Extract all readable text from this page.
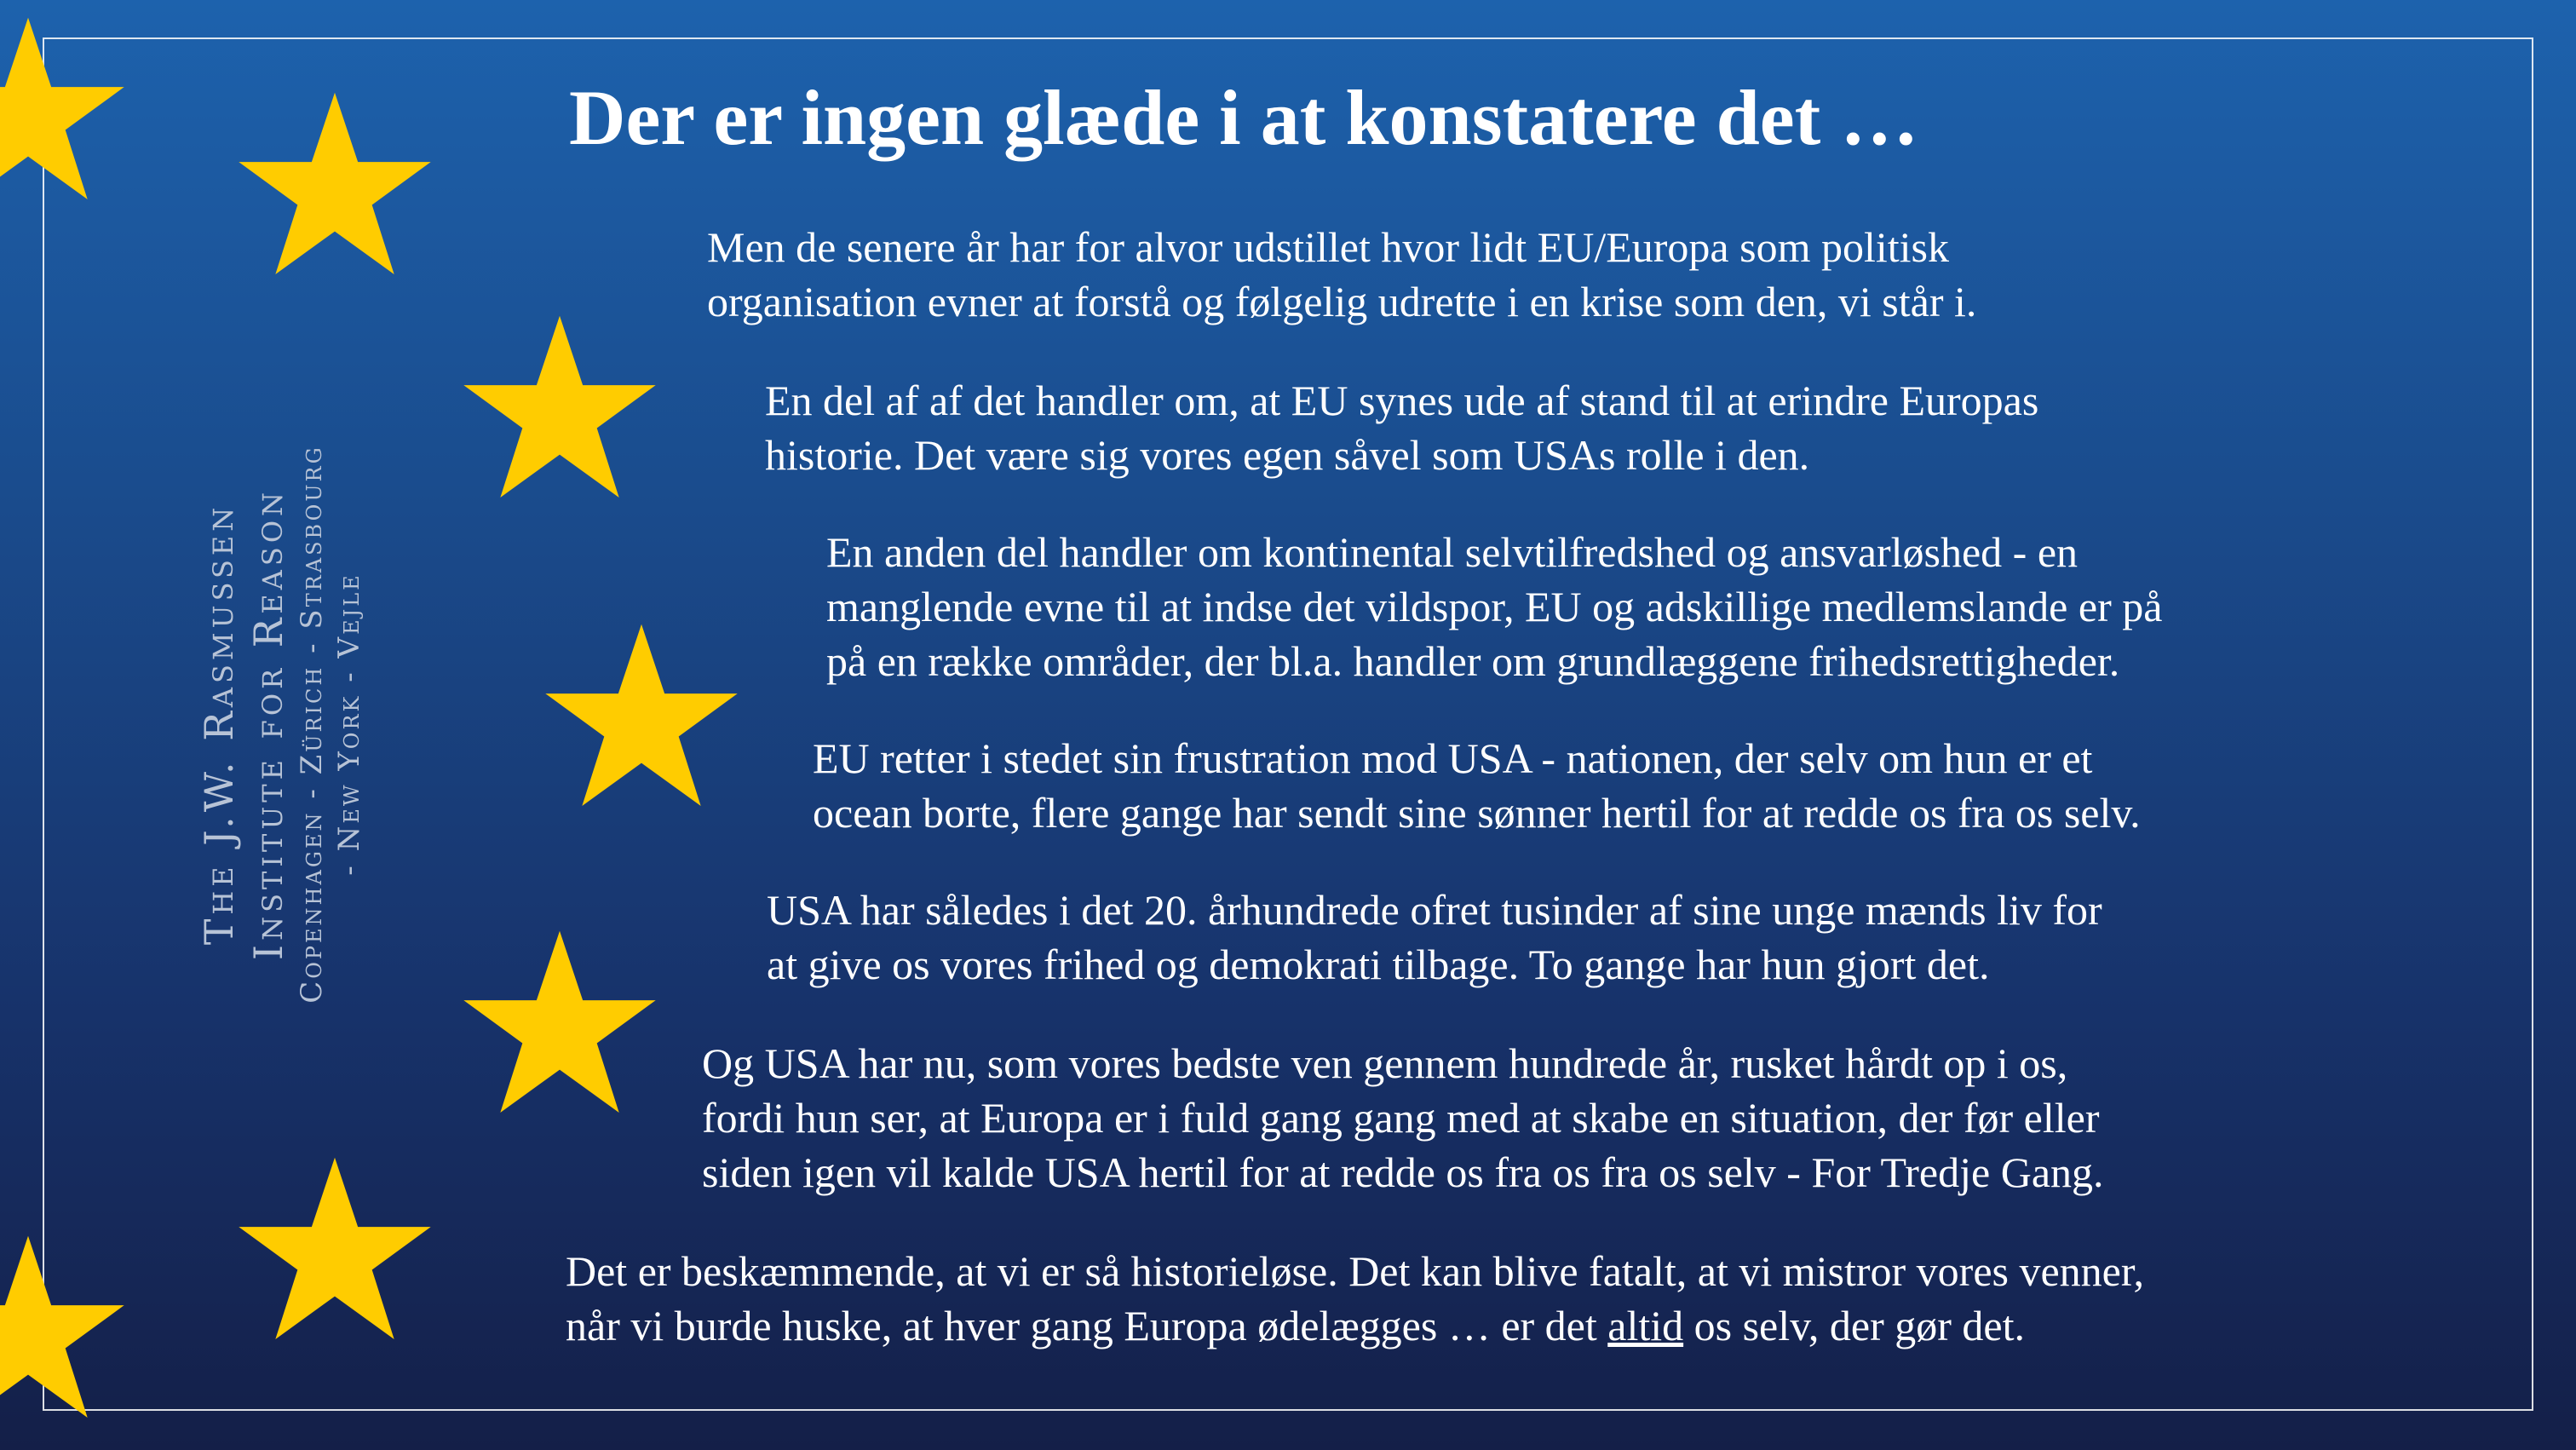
The J.W. Rasmussen Institute for Reason Copenhagen - Zürich - Strasbourg - New York - Vejle
Der er ingen glæde i at konstatere det …
Men de senere år har for alvor udstillet hvor lidt EU/Europa som politisk
organisation evner at forstå og følgelig udrette i en krise som den, vi står i.
En del af af det handler om, at EU synes ude af stand til at erindre Europas
historie. Det være sig vores egen såvel som USAs rolle i den.
En anden del handler om kontinental selvtilfredshed og ansvarløshed - en
manglende evne til at indse det vildspor, EU og adskillige medlemslande er på
på en række områder, der bl.a. handler om grundlæggene frihedsrettigheder.
EU retter i stedet sin frustration mod USA - nationen, der selv om hun er et
ocean borte, flere gange har sendt sine sønner hertil for at redde os fra os selv.
USA har således i det 20. århundrede ofret tusinder af sine unge mænds liv for
at give os vores frihed og demokrati tilbage. To gange har hun gjort det.
Og USA har nu, som vores bedste ven gennem hundrede år, rusket hårdt op i os,
fordi hun ser, at Europa er i fuld gang gang med at skabe en situation, der før eller
siden igen vil kalde USA hertil for at redde os fra os fra os selv - For Tredje Gang.
Det er beskæmmende, at vi er så historieløse. Det kan blive fatalt, at vi mistror vores venner,
når vi burde huske, at hver gang Europa ødelægges … er det altid os selv, der gør det.
